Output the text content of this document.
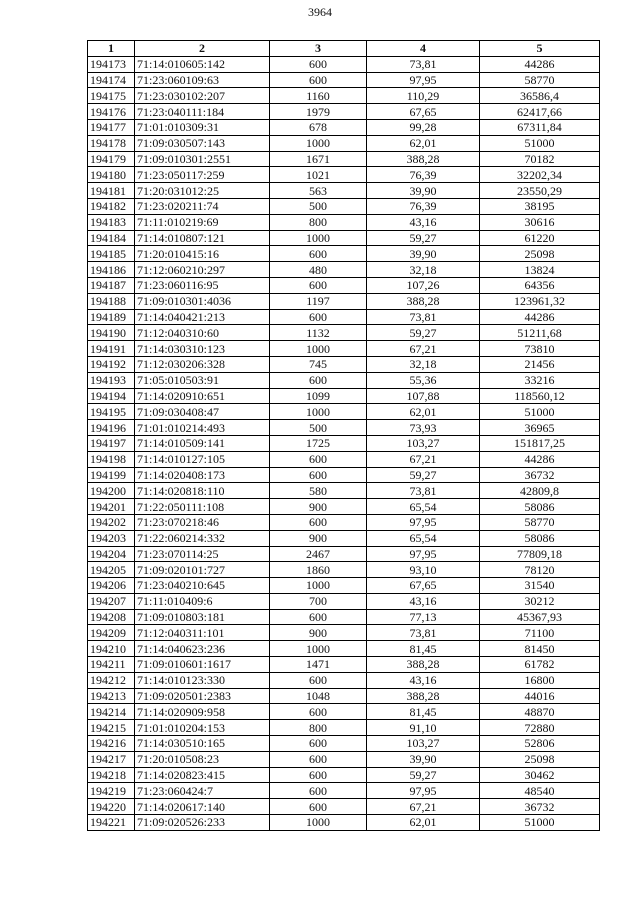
3964
1	2	3	4	5
194173	71:14:010605:142	600	73,81	44286
194174	71:23:060109:63	600	97,95	58770
194175	71:23:030102:207	1160	110,29	36586,4
194176	71:23:040111:184	1979	67,65	62417,66
194177	71:01:010309:31	678	99,28	67311,84
194178	71:09:030507:143	1000	62,01	51000
194179	71:09:010301:2551	1671	388,28	70182
194180	71:23:050117:259	1021	76,39	32202,34
194181	71:20:031012:25	563	39,90	23550,29
194182	71:23:020211:74	500	76,39	38195
194183	71:11:010219:69	800	43,16	30616
194184	71:14:010807:121	1000	59,27	61220
194185	71:20:010415:16	600	39,90	25098
194186	71:12:060210:297	480	32,18	13824
194187	71:23:060116:95	600	107,26	64356
194188	71:09:010301:4036	1197	388,28	123961,32
194189	71:14:040421:213	600	73,81	44286
194190	71:12:040310:60	1132	59,27	51211,68
194191	71:14:030310:123	1000	67,21	73810
194192	71:12:030206:328	745	32,18	21456
194193	71:05:010503:91	600	55,36	33216
194194	71:14:020910:651	1099	107,88	118560,12
194195	71:09:030408:47	1000	62,01	51000
194196	71:01:010214:493	500	73,93	36965
194197	71:14:010509:141	1725	103,27	151817,25
194198	71:14:010127:105	600	67,21	44286
194199	71:14:020408:173	600	59,27	36732
194200	71:14:020818:110	580	73,81	42809,8
194201	71:22:050111:108	900	65,54	58086
194202	71:23:070218:46	600	97,95	58770
194203	71:22:060214:332	900	65,54	58086
194204	71:23:070114:25	2467	97,95	77809,18
194205	71:09:020101:727	1860	93,10	78120
194206	71:23:040210:645	1000	67,65	31540
194207	71:11:010409:6	700	43,16	30212
194208	71:09:010803:181	600	77,13	45367,93
194209	71:12:040311:101	900	73,81	71100
194210	71:14:040623:236	1000	81,45	81450
194211	71:09:010601:1617	1471	388,28	61782
194212	71:14:010123:330	600	43,16	16800
194213	71:09:020501:2383	1048	388,28	44016
194214	71:14:020909:958	600	81,45	48870
194215	71:01:010204:153	800	91,10	72880
194216	71:14:030510:165	600	103,27	52806
194217	71:20:010508:23	600	39,90	25098
194218	71:14:020823:415	600	59,27	30462
194219	71:23:060424:7	600	97,95	48540
194220	71:14:020617:140	600	67,21	36732
194221	71:09:020526:233	1000	62,01	51000
